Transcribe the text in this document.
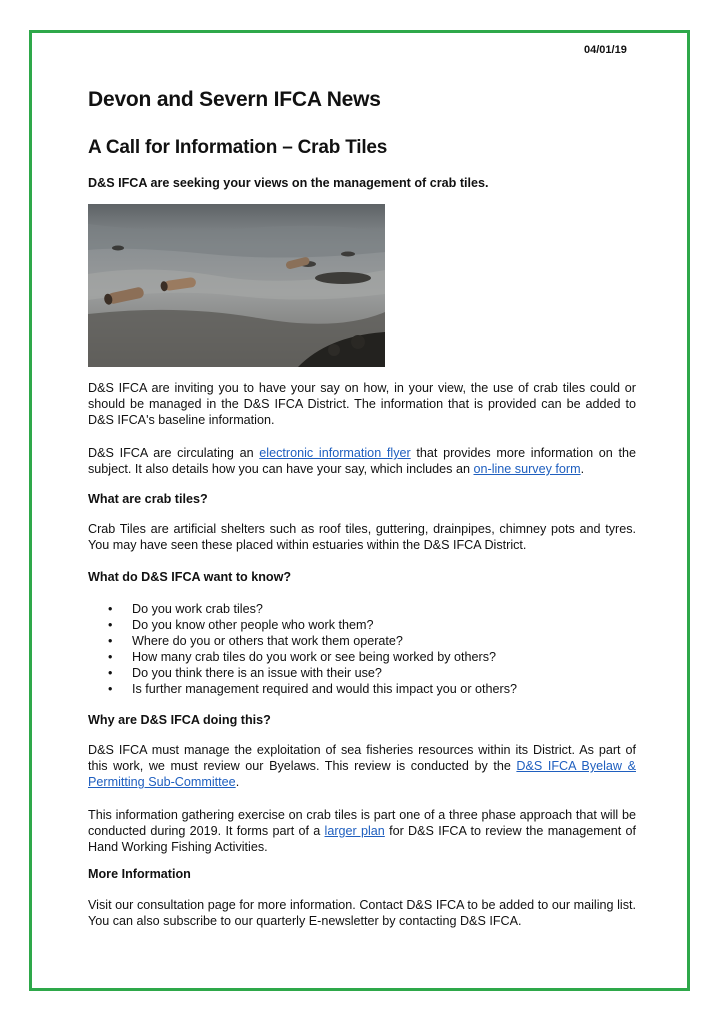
04/01/19
Devon and Severn IFCA News
A Call for Information – Crab Tiles
D&S IFCA are seeking your views on the management of crab tiles.

D&S IFCA are inviting you to have your say on how, in your view, the use of crab tiles could or should be managed in the D&S IFCA District. The information that is provided can be added to D&S IFCA's baseline information.

D&S IFCA are circulating an electronic information flyer that provides more information on the subject. It also details how you can have your say, which includes an on-line survey form.

What are crab tiles?

Crab Tiles are artificial shelters such as roof tiles, guttering, drainpipes, chimney pots and tyres. You may have seen these placed within estuaries within the D&S IFCA District.

What do D&S IFCA want to know?
• Do you work crab tiles?
• Do you know other people who work them?
• Where do you or others that work them operate?
• How many crab tiles do you work or see being worked by others?
• Do you think there is an issue with their use?
• Is further management required and would this impact you or others?
Why are D&S IFCA doing this?

D&S IFCA must manage the exploitation of sea fisheries resources within its District. As part of this work, we must review our Byelaws. This review is conducted by the D&S IFCA Byelaw & Permitting Sub-Committee.

This information gathering exercise on crab tiles is part one of a three phase approach that will be conducted during 2019. It forms part of a larger plan for D&S IFCA to review the management of Hand Working Fishing Activities.

More Information

Visit our consultation page for more information. Contact D&S IFCA to be added to our mailing list. You can also subscribe to our quarterly E-newsletter by contacting D&S IFCA.
